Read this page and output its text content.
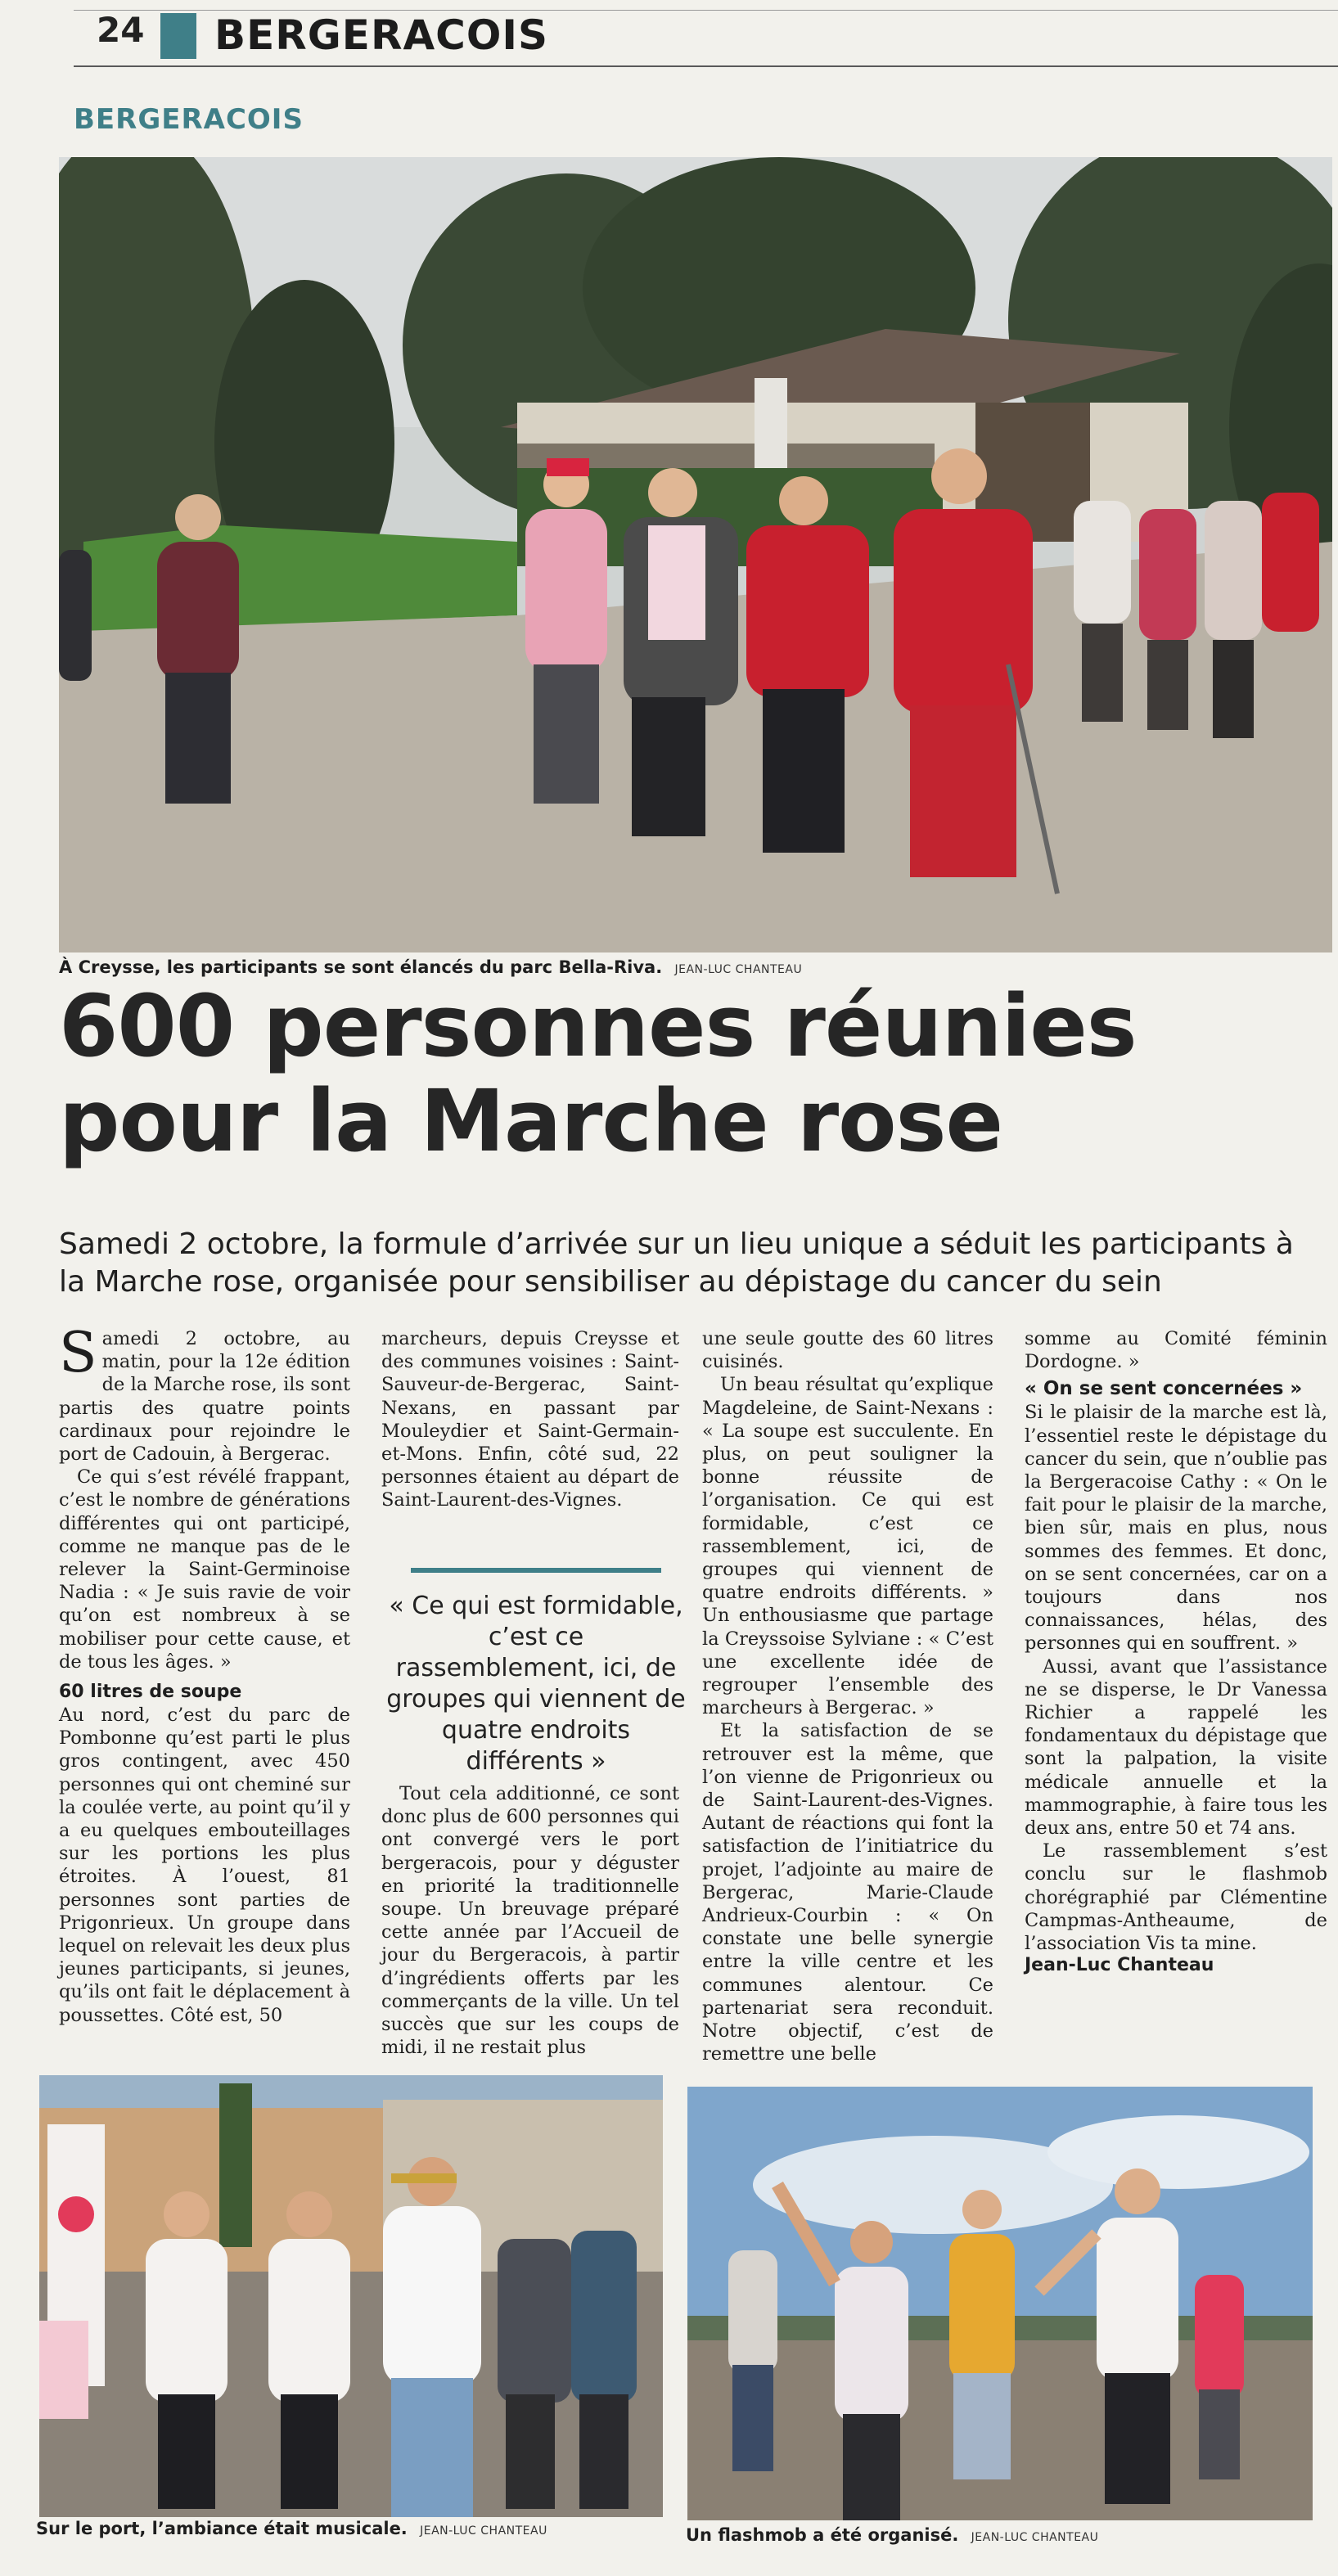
24 BERGERACOIS
BERGERACOIS
À Creysse, les participants se sont élancés du parc Bella-Riva. JEAN-LUC CHANTEAU
600 personnes réunies
pour la Marche rose
Samedi 2 octobre, la formule d’arrivée sur un lieu unique a séduit les participants à la Marche rose, organisée pour sensibiliser au dépistage du cancer du sein

Samedi 2 octobre, au matin, pour la 12e édition de la Marche rose, ils sont partis des quatre points cardinaux pour rejoindre le port de Cadouin, à Bergerac.

Ce qui s’est révélé frappant, c’est le nombre de générations différentes qui ont participé, comme ne manque pas de le relever la Saint-Germinoise Nadia : « Je suis ravie de voir qu’on est nombreux à se mobiliser pour cette cause, et de tous les âges. »

60 litres de soupe

Au nord, c’est du parc de Pombonne qu’est parti le plus gros contingent, avec 450 personnes qui ont cheminé sur la coulée verte, au point qu’il y a eu quelques embouteillages sur les portions les plus étroites. À l’ouest, 81 personnes sont parties de Prigonrieux. Un groupe dans lequel on relevait les deux plus jeunes participants, si jeunes, qu’ils ont fait le déplacement à poussettes. Côté est, 50

marcheurs, depuis Creysse et des communes voisines : Saint-Sauveur-de-Bergerac, Saint-Nexans, en passant par Mouleydier et Saint-Germain-et-Mons. Enfin, côté sud, 22 personnes étaient au départ de Saint-Laurent-des-Vignes.

« Ce qui est formidable, c’est ce rassemblement, ici, de groupes qui viennent de quatre endroits différents »

Tout cela additionné, ce sont donc plus de 600 personnes qui ont convergé vers le port bergeracois, pour y déguster en priorité la traditionnelle soupe. Un breuvage préparé cette année par l’Accueil de jour du Bergeracois, à partir d’ingrédients offerts par les commerçants de la ville. Un tel succès que sur les coups de midi, il ne restait plus

une seule goutte des 60 litres cuisinés.

Un beau résultat qu’explique Magdeleine, de Saint-Nexans : « La soupe est succulente. En plus, on peut souligner la bonne réussite de l’organisation. Ce qui est formidable, c’est ce rassemblement, ici, de groupes qui viennent de quatre endroits différents. » Un enthousiasme que partage la Creyssoise Sylviane : « C’est une excellente idée de regrouper l’ensemble des marcheurs à Bergerac. »

Et la satisfaction de se retrouver est la même, que l’on vienne de Prigonrieux ou de Saint-Laurent-des-Vignes. Autant de réactions qui font la satisfaction de l’initiatrice du projet, l’adjointe au maire de Bergerac, Marie-Claude Andrieux-Courbin : « On constate une belle synergie entre la ville centre et les communes alentour. Ce partenariat sera reconduit. Notre objectif, c’est de remettre une belle

somme au Comité féminin Dordogne. »

« On se sent concernées »

Si le plaisir de la marche est là, l’essentiel reste le dépistage du cancer du sein, que n’oublie pas la Bergeracoise Cathy : « On le fait pour le plaisir de la marche, bien sûr, mais en plus, nous sommes des femmes. Et donc, on se sent concernées, car on a toujours dans nos connaissances, hélas, des personnes qui en souffrent. »

Aussi, avant que l’assistance ne se disperse, le Dr Vanessa Richier a rappelé les fondamentaux du dépistage que sont la palpation, la visite médicale annuelle et la mammographie, à faire tous les deux ans, entre 50 et 74 ans.

Le rassemblement s’est conclu sur le flashmob chorégraphié par Clémentine Campmas-Antheaume, de l’association Vis ta mine.

Jean-Luc Chanteau

Sur le port, l’ambiance était musicale. JEAN-LUC CHANTEAU	Un flashmob a été organisé. JEAN-LUC CHANTEAU
